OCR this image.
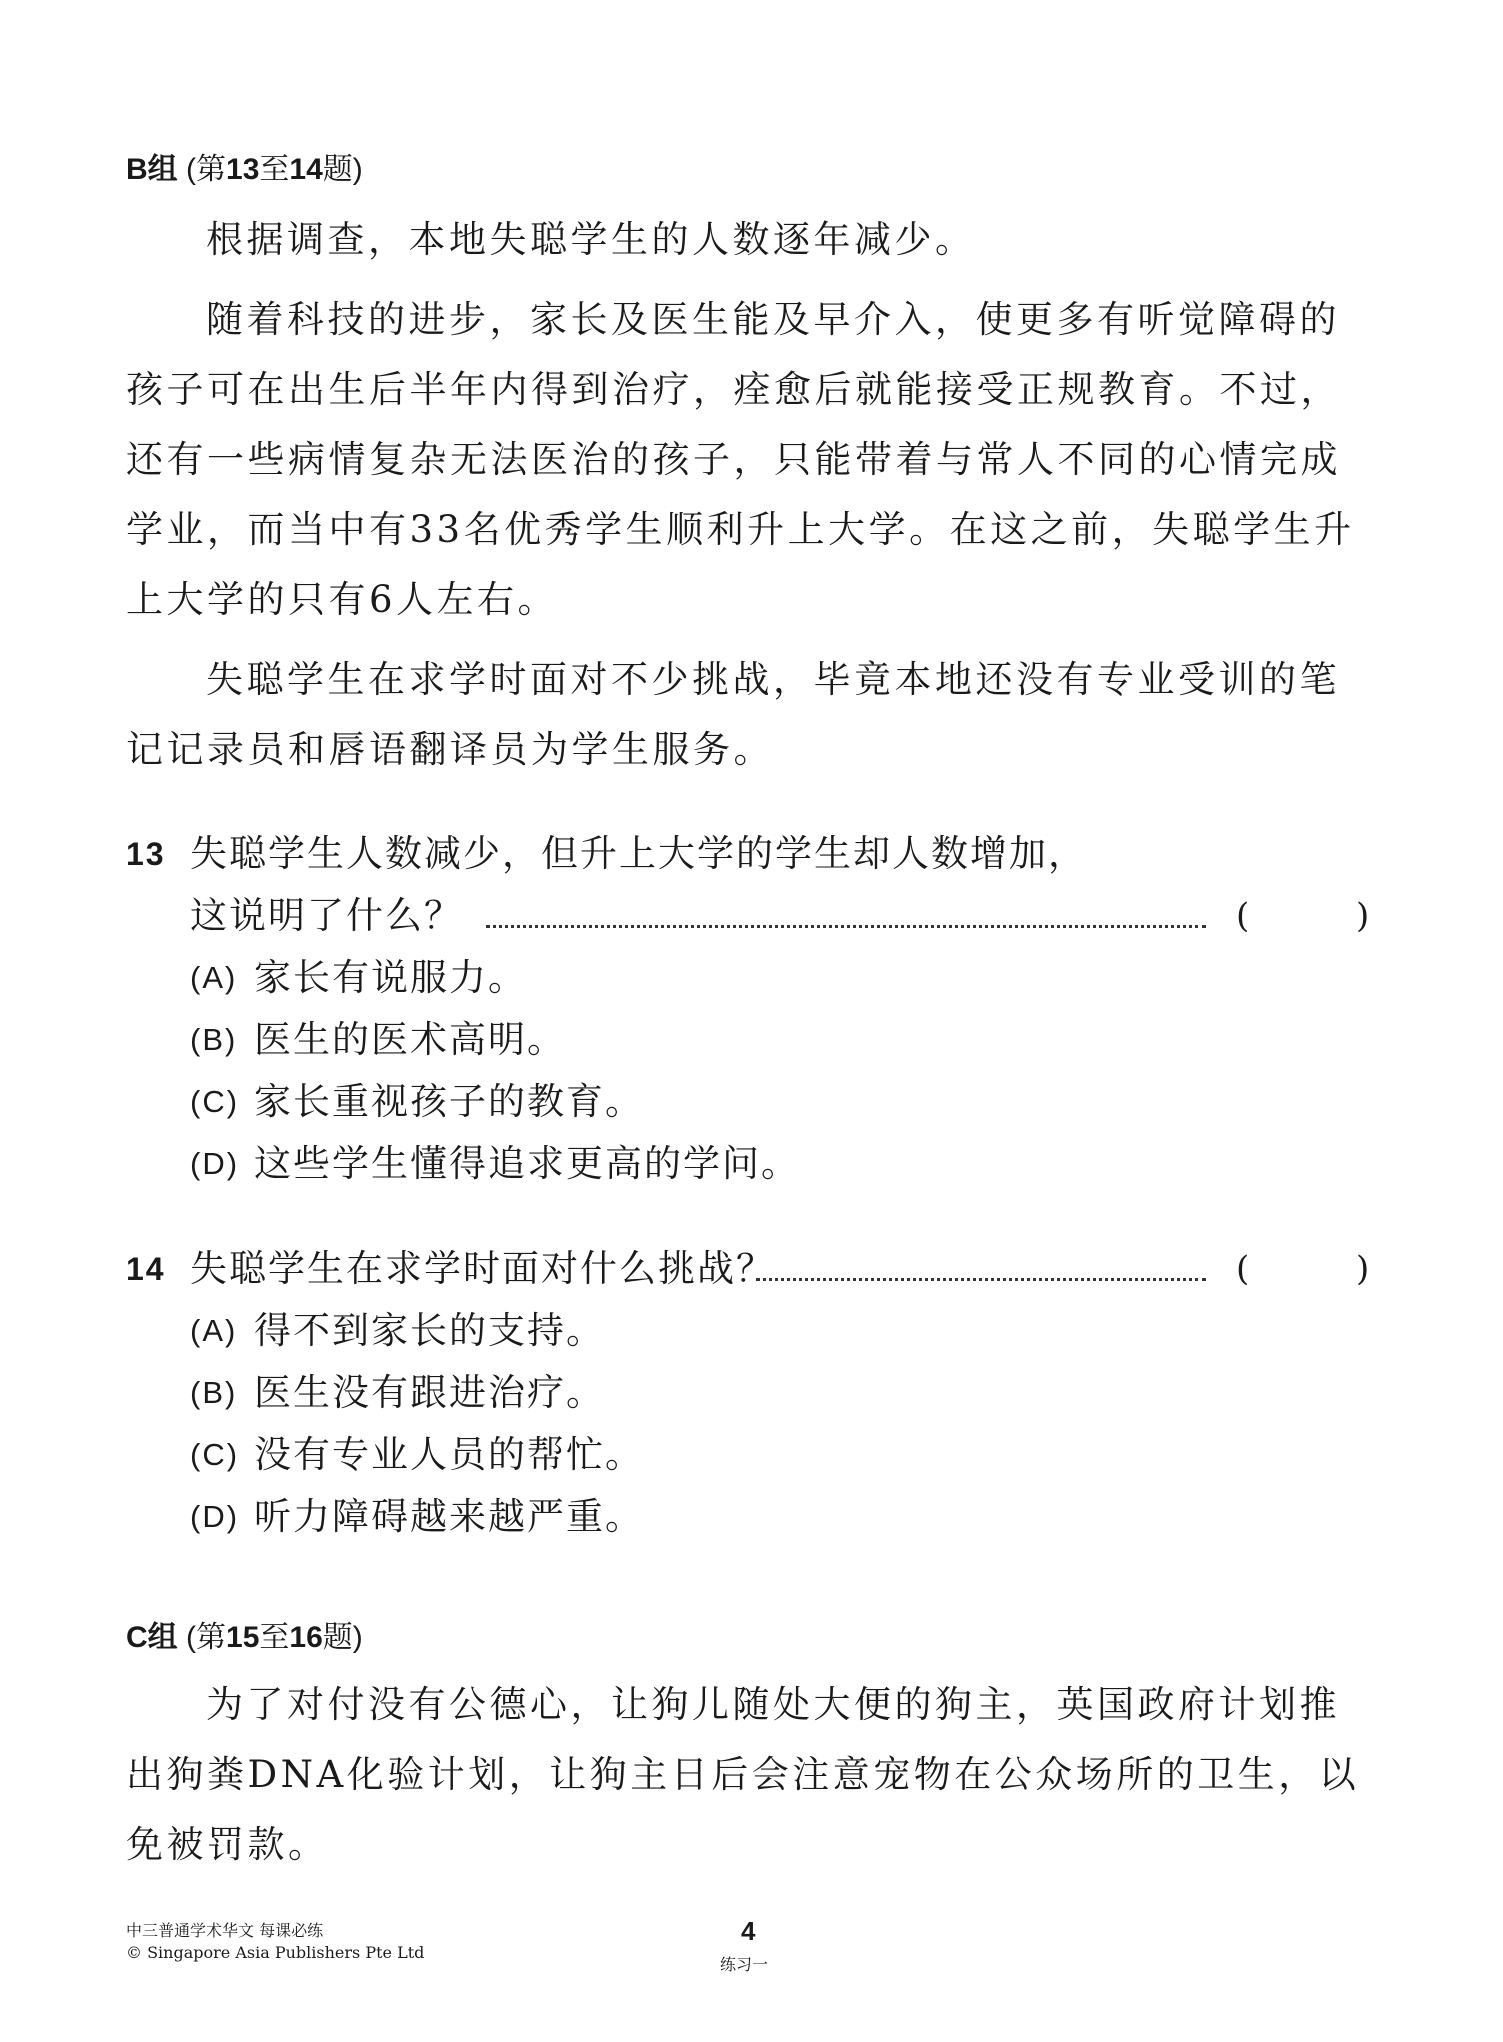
B组 (第13至14题)

根据调查，本地失聪学生的人数逐年减少。

随着科技的进步，家长及医生能及早介入，使更多有听觉障碍的孩子可在出生后半年内得到治疗，痊愈后就能接受正规教育。不过，还有一些病情复杂无法医治的孩子，只能带着与常人不同的心情完成学业，而当中有33名优秀学生顺利升上大学。在这之前，失聪学生升上大学的只有6人左右。

失聪学生在求学时面对不少挑战，毕竟本地还没有专业受训的笔记记录员和唇语翻译员为学生服务。

13 失聪学生人数减少，但升上大学的学生却人数增加，
这说明了什么？	(	)
(A) 家长有说服力。
(B) 医生的医术高明。
(C) 家长重视孩子的教育。
(D) 这些学生懂得追求更高的学问。
14 失聪学生在求学时面对什么挑战？	(	)
(A) 得不到家长的支持。
(B) 医生没有跟进治疗。
(C) 没有专业人员的帮忙。
(D) 听力障碍越来越严重。
C组 (第15至16题)

为了对付没有公德心，让狗儿随处大便的狗主，英国政府计划推出狗粪DNA化验计划，让狗主日后会注意宠物在公众场所的卫生，以免被罚款。

中三普通学术华文 每课必练
© Singapore Asia Publishers Pte Ltd
4
练习一
